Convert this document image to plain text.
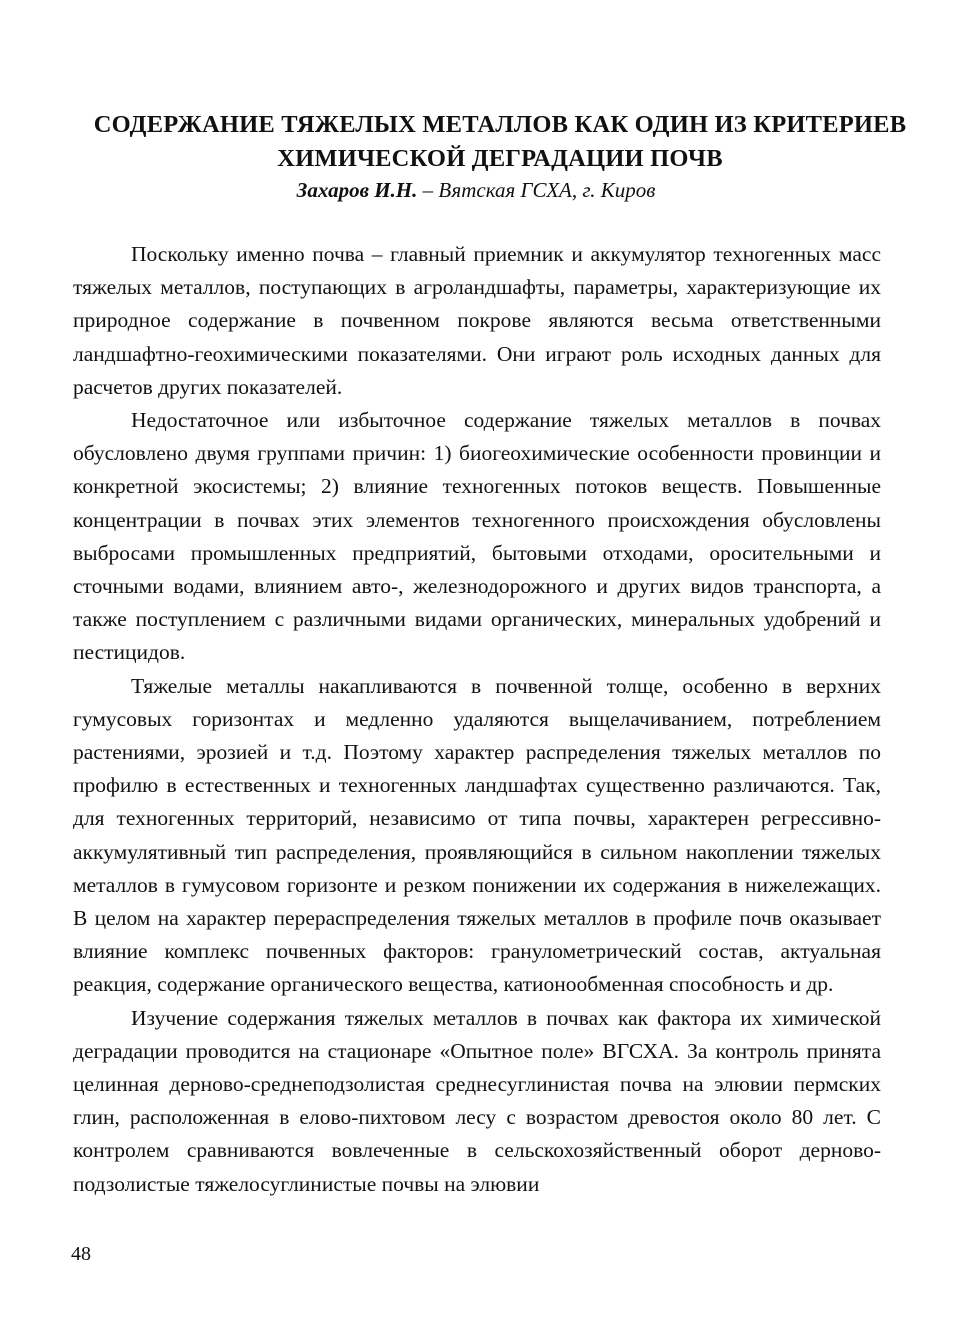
СОДЕРЖАНИЕ ТЯЖЕЛЫХ МЕТАЛЛОВ КАК ОДИН ИЗ КРИТЕРИЕВ
ХИМИЧЕСКОЙ ДЕГРАДАЦИИ ПОЧВ
Захаров И.Н. – Вятская ГСХА, г. Киров

Поскольку именно почва – главный приемник и аккумулятор техногенных масс тяжелых металлов, поступающих в агроландшафты, параметры, характеризующие их природное содержание в почвенном покрове являются весьма ответственными ландшафтно-геохимическими показателями. Они играют роль исходных данных для расчетов других показателей.

Недостаточное или избыточное содержание тяжелых металлов в почвах обусловлено двумя группами причин: 1) биогеохимические особенности провинции и конкретной экосистемы; 2) влияние техногенных потоков веществ. Повышенные концентрации в почвах этих элементов техногенного происхождения обусловлены выбросами промышленных предприятий, бытовыми отходами, оросительными и сточными водами, влиянием авто-, железнодорожного и других видов транспорта, а также поступлением с различными видами органических, минеральных удобрений и пестицидов.

Тяжелые металлы накапливаются в почвенной толще, особенно в верхних гумусовых горизонтах и медленно удаляются выщелачиванием, потреблением растениями, эрозией и т.д. Поэтому характер распределения тяжелых металлов по профилю в естественных и техногенных ландшафтах существенно различаются. Так, для техногенных территорий, независимо от типа почвы, характерен регрессивно-аккумулятивный тип распределения, проявляющийся в сильном накоплении тяжелых металлов в гумусовом горизонте и резком понижении их содержания в нижележащих. В целом на характер перераспределения тяжелых металлов в профиле почв оказывает влияние комплекс почвенных факторов: гранулометрический состав, актуальная реакция, содержание органического вещества, катионообменная способность и др.

Изучение содержания тяжелых металлов в почвах как фактора их химической деградации проводится на стационаре «Опытное поле» ВГСХА. За контроль принята целинная дерново-среднеподзолистая среднесуглинистая почва на элювии пермских глин, расположенная в елово-пихтовом лесу с возрастом древостоя около 80 лет. С контролем сравниваются вовлеченные в сельскохозяйственный оборот дерново-подзолистые тяжелосуглинистые почвы на элювии

48
